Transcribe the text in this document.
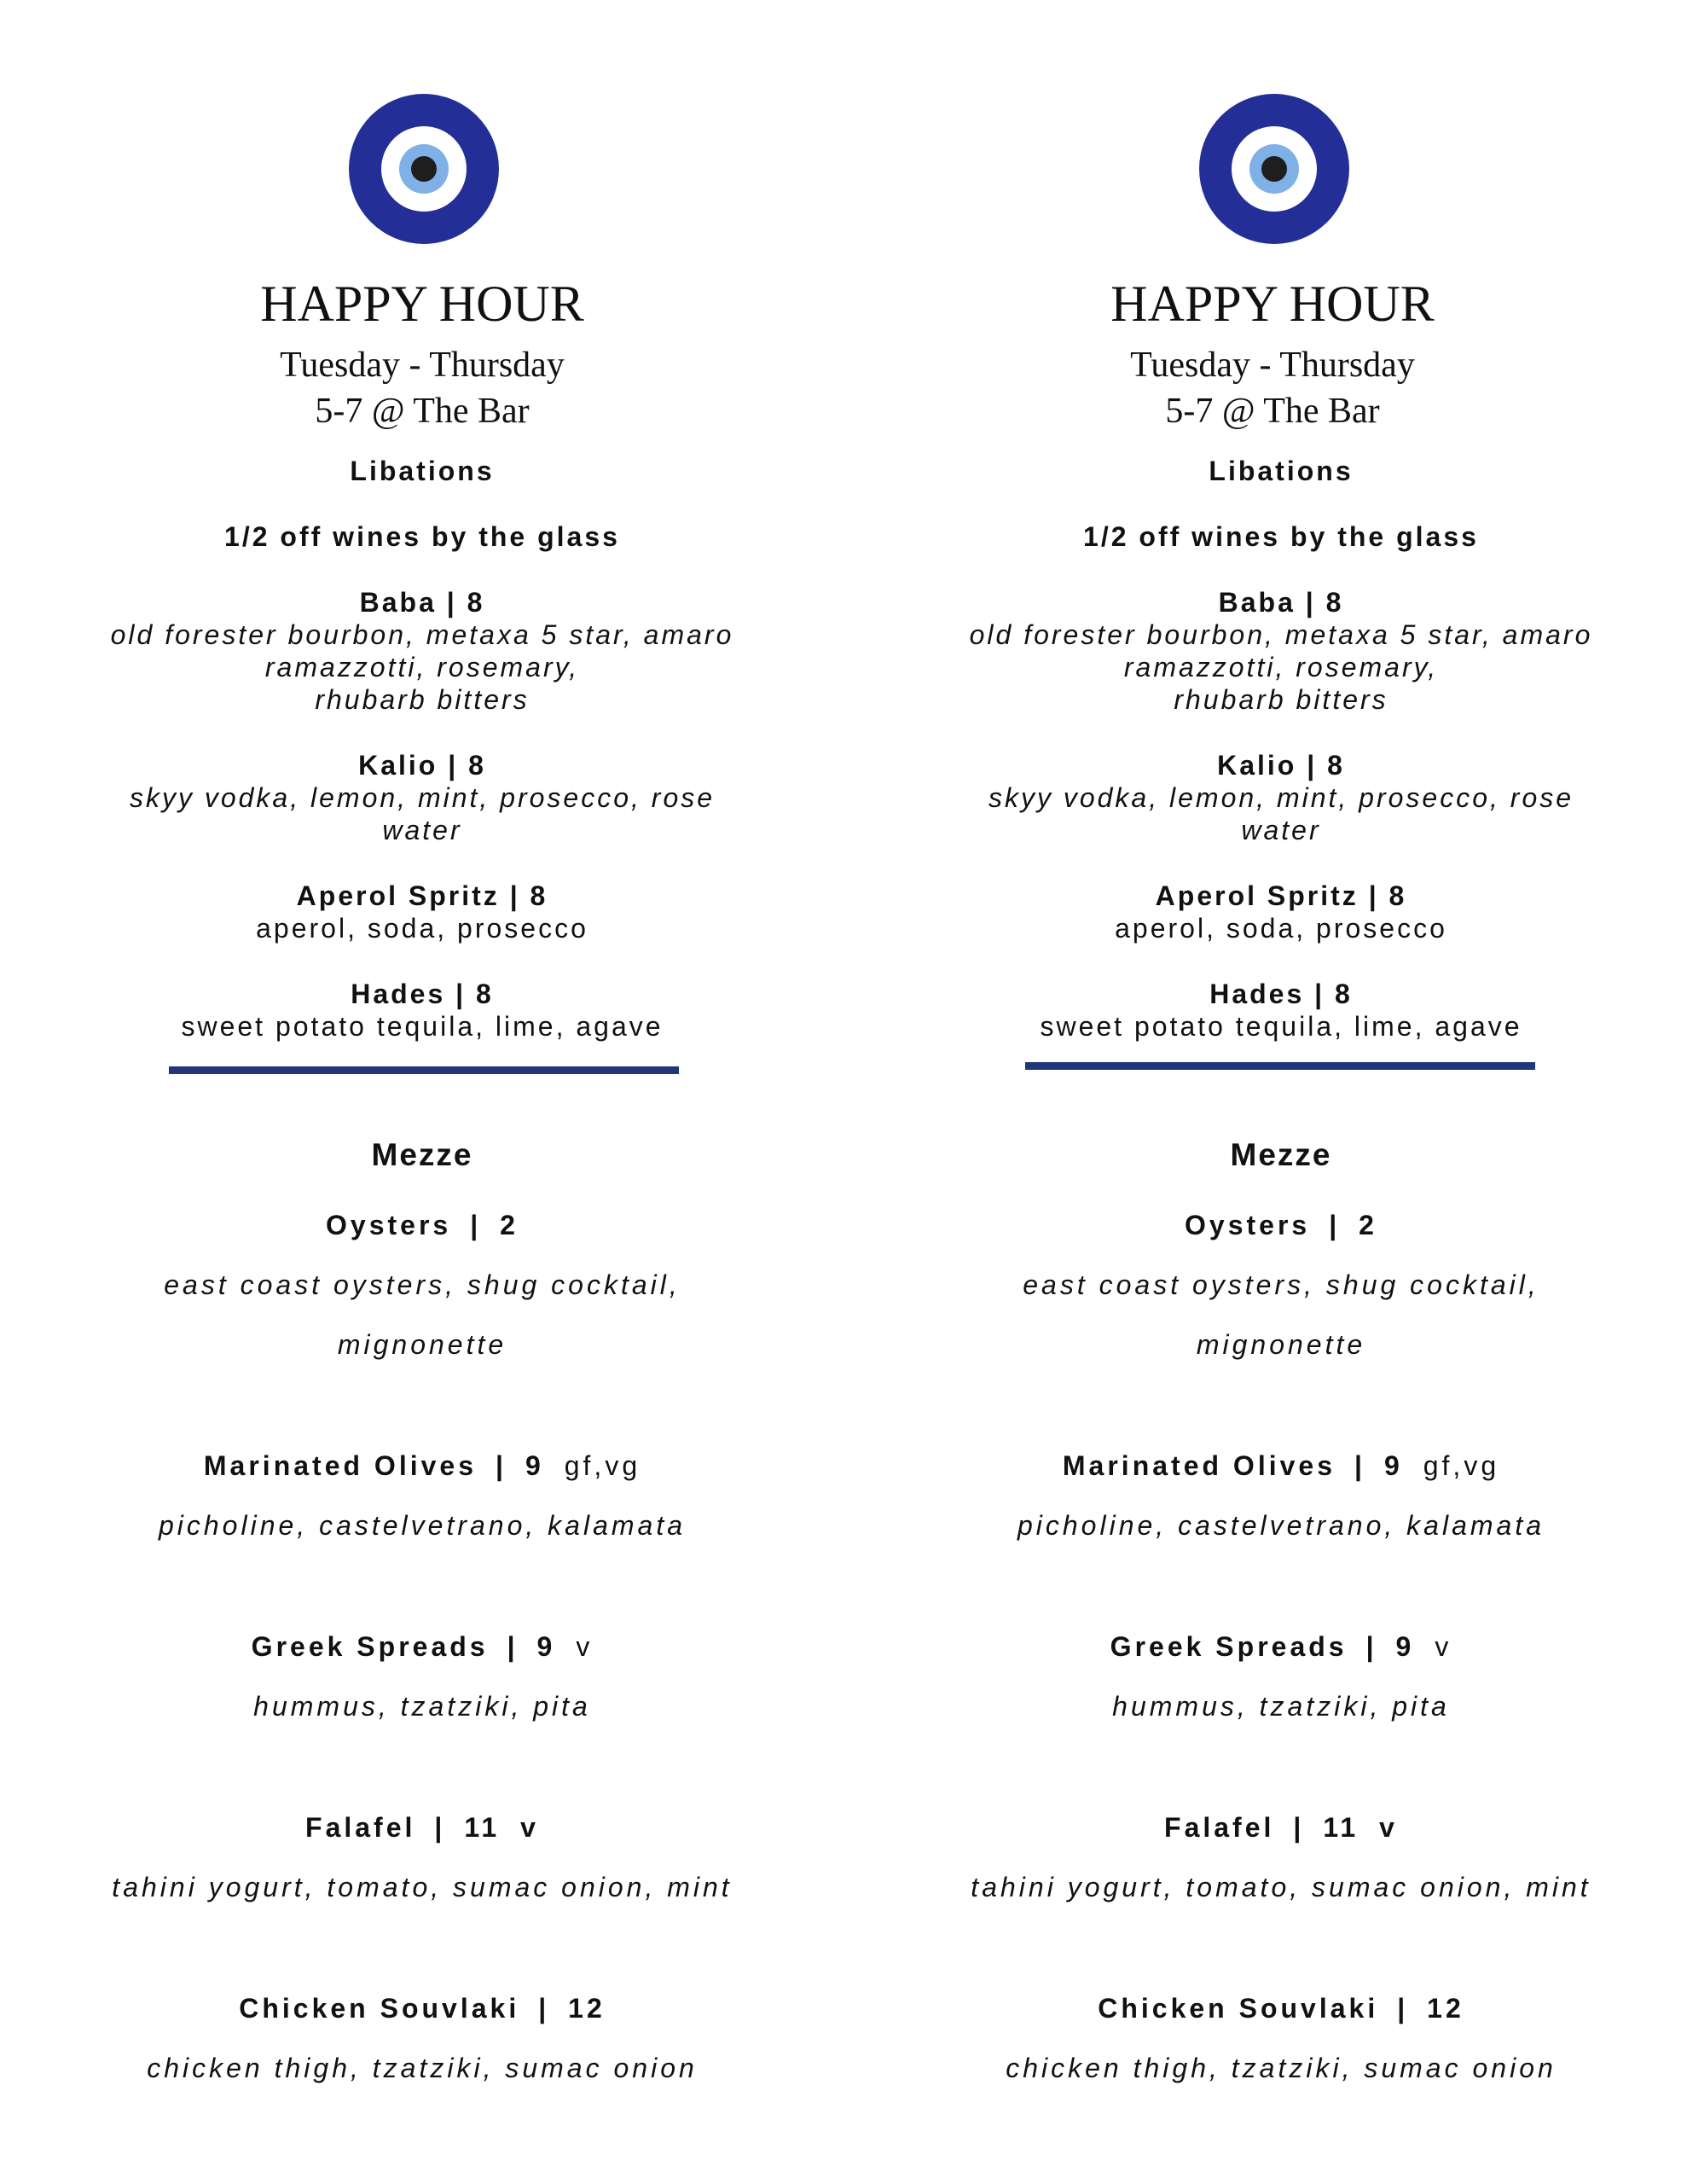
HAPPY HOUR
Tuesday - Thursday
5-7 @ The Bar
Libations
1/2 off wines by the glass
Baba | 8
old forester bourbon, metaxa 5 star, amaro
ramazzotti, rosemary,
rhubarb bitters
Kalio | 8
skyy vodka, lemon, mint, prosecco, rose
water
Aperol Spritz | 8
aperol, soda, prosecco
Hades | 8
sweet potato tequila, lime, agave
Mezze
Oysters | 2
east coast oysters, shug cocktail,
mignonette
Marinated Olives | 9 gf,vg
picholine, castelvetrano, kalamata
Greek Spreads | 9 v
hummus, tzatziki, pita
Falafel | 11 v
tahini yogurt, tomato, sumac onion, mint
Chicken Souvlaki | 12
chicken thigh, tzatziki, sumac onion
HAPPY HOUR
Tuesday - Thursday
5-7 @ The Bar
Libations
1/2 off wines by the glass
Baba | 8
old forester bourbon, metaxa 5 star, amaro
ramazzotti, rosemary,
rhubarb bitters
Kalio | 8
skyy vodka, lemon, mint, prosecco, rose
water
Aperol Spritz | 8
aperol, soda, prosecco
Hades | 8
sweet potato tequila, lime, agave
Mezze
Oysters | 2
east coast oysters, shug cocktail,
mignonette
Marinated Olives | 9 gf,vg
picholine, castelvetrano, kalamata
Greek Spreads | 9 v
hummus, tzatziki, pita
Falafel | 11 v
tahini yogurt, tomato, sumac onion, mint
Chicken Souvlaki | 12
chicken thigh, tzatziki, sumac onion
